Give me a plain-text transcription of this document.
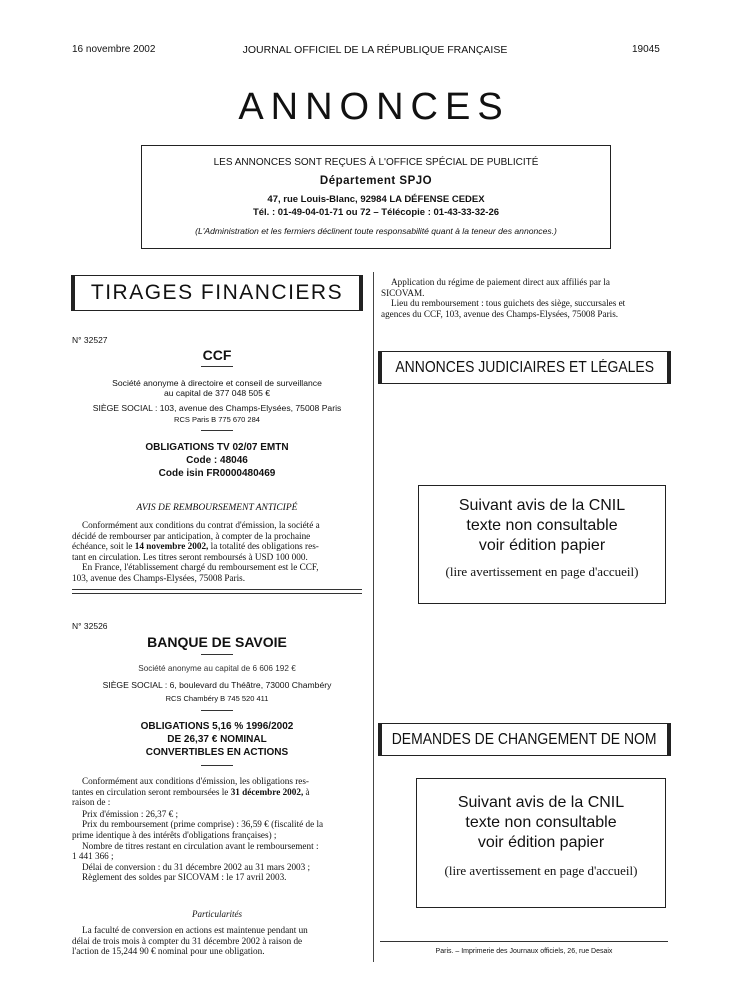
16 novembre 2002	JOURNAL OFFICIEL DE LA RÉPUBLIQUE FRANÇAISE	19045
ANNONCES
LES ANNONCES SONT REÇUES À L'OFFICE SPÉCIAL DE PUBLICITÉ
Département SPJO
47, rue Louis-Blanc, 92984 LA DÉFENSE CEDEX
Tél. : 01-49-04-01-71 ou 72 – Télécopie : 01-43-33-32-26
(L'Administration et les fermiers déclinent toute responsabilité quant à la teneur des annonces.)
TIRAGES FINANCIERS
N° 32527
CCF
Société anonyme à directoire et conseil de surveillance
au capital de 377 048 505 €
SIÈGE SOCIAL : 103, avenue des Champs-Elysées, 75008 Paris
RCS Paris B 775 670 284
OBLIGATIONS TV 02/07 EMTN
Code : 48046
Code isin FR0000480469
AVIS DE REMBOURSEMENT ANTICIPÉ
Conformément aux conditions du contrat d'émission, la société a
décidé de rembourser par anticipation, à compter de la prochaine
échéance, soit le 14 novembre 2002, la totalité des obligations res-
tant en circulation. Les titres seront remboursés à USD 100 000.
En France, l'établissement chargé du remboursement est le CCF,
103, avenue des Champs-Elysées, 75008 Paris.
N° 32526
BANQUE DE SAVOIE
Société anonyme au capital de 6 606 192 €
SIÈGE SOCIAL : 6, boulevard du Théâtre, 73000 Chambéry
RCS Chambéry B 745 520 411
OBLIGATIONS 5,16 % 1996/2002
DE 26,37 € NOMINAL
CONVERTIBLES EN ACTIONS
Conformément aux conditions d'émission, les obligations res-
tantes en circulation seront remboursées le 31 décembre 2002, à
raison de :
Prix d'émission : 26,37 € ;
Prix du remboursement (prime comprise) : 36,59 € (fiscalité de la
prime identique à des intérêts d'obligations françaises) ;
Nombre de titres restant en circulation avant le remboursement :
1 441 366 ;
Délai de conversion : du 31 décembre 2002 au 31 mars 2003 ;
Règlement des soldes par SICOVAM : le 17 avril 2003.
Particularités
La faculté de conversion en actions est maintenue pendant un
délai de trois mois à compter du 31 décembre 2002 à raison de
l'action de 15,244 90 € nominal pour une obligation.
Application du régime de paiement direct aux affiliés par la
SICOVAM.
Lieu du remboursement : tous guichets des siège, succursales et
agences du CCF, 103, avenue des Champs-Elysées, 75008 Paris.
ANNONCES JUDICIAIRES ET LÉGALES
Suivant avis de la CNIL
texte non consultable
voir édition papier
(lire avertissement en page d'accueil)
DEMANDES DE CHANGEMENT DE NOM
Suivant avis de la CNIL
texte non consultable
voir édition papier
(lire avertissement en page d'accueil)
Paris. – Imprimerie des Journaux officiels, 26, rue Desaix
